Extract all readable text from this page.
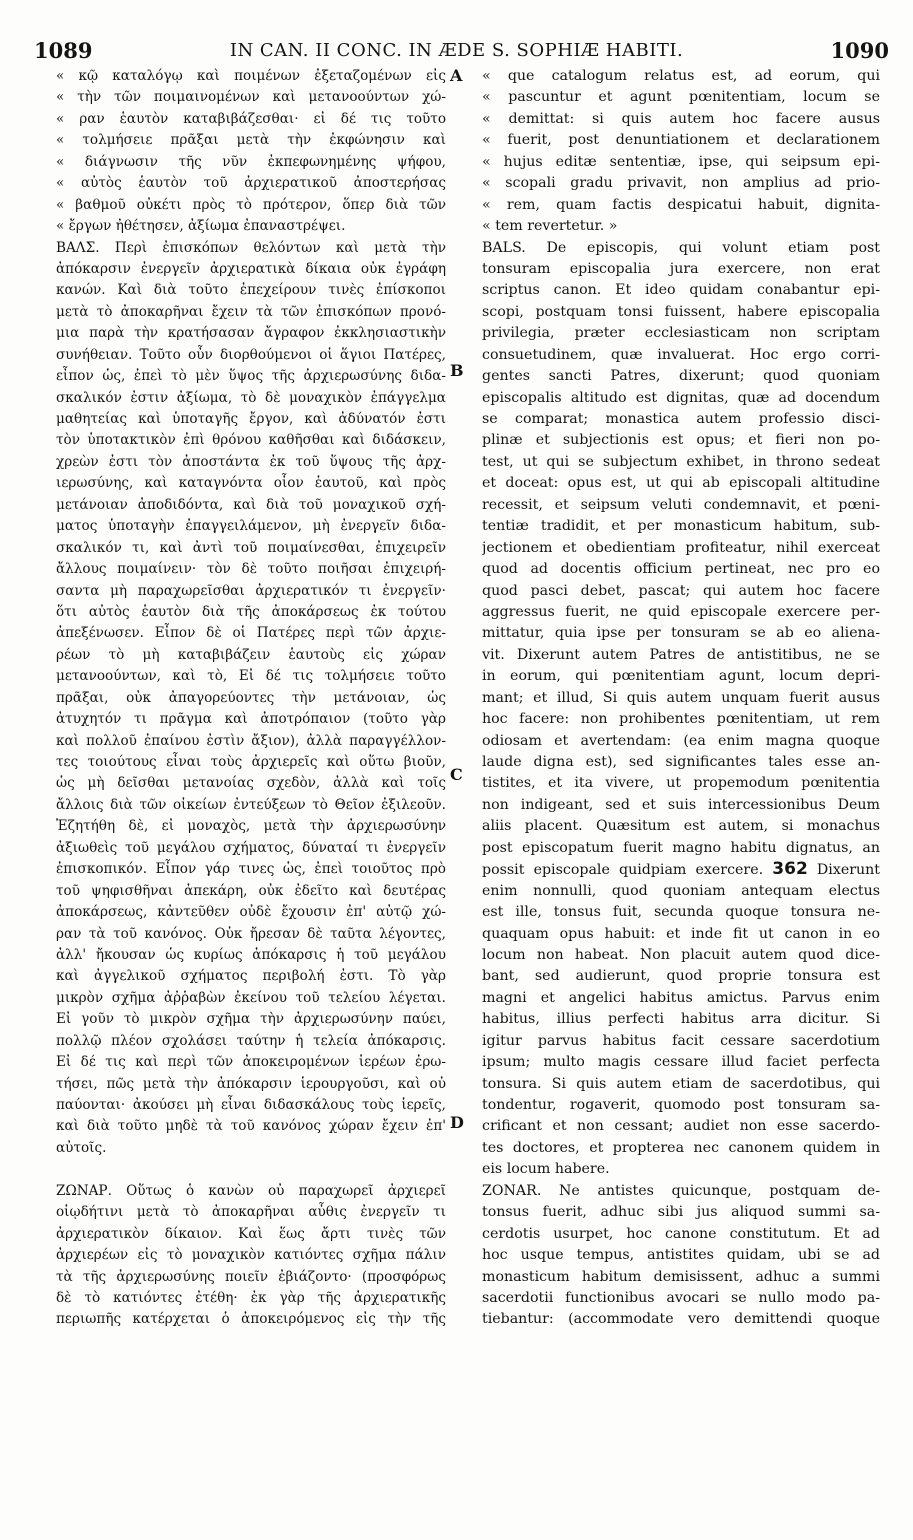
1089	IN CAN. II CONC. IN ÆDE S. SOPHIÆ HABITI.	1090
« κῷ καταλόγῳ καὶ ποιμένων ἐξεταζομένων εἰς
« τὴν τῶν ποιμαινομένων καὶ μετανοούντων χώ-
« ραν ἑαυτὸν καταβιβάζεσθαι· εἰ δέ τις τοῦτο
« τολμήσειε πρᾶξαι μετὰ τὴν ἐκφώνησιν καὶ
« διάγνωσιν τῆς νῦν ἐκπεφωνημένης ψήφου,
« αὐτὸς ἑαυτὸν τοῦ ἀρχιερατικοῦ ἀποστερήσας
« βαθμοῦ οὐκέτι πρὸς τὸ πρότερον, ὅπερ διὰ τῶν
« ἔργων ἠθέτησεν, ἀξίωμα ἐπαναστρέψει.
ΒΑΛΣ. Περὶ ἐπισκόπων θελόντων καὶ μετὰ τὴν
ἀπόκαρσιν ἐνεργεῖν ἀρχιερατικὰ δίκαια οὐκ ἐγράφη
κανών. Καὶ διὰ τοῦτο ἐπεχείρουν τινὲς ἐπίσκοποι
μετὰ τὸ ἀποκαρῆναι ἔχειν τὰ τῶν ἐπισκόπων προνό-
μια παρὰ τὴν κρατήσασαν ἄγραφον ἐκκλησιαστικὴν
συνήθειαν. Τοῦτο οὖν διορθούμενοι οἱ ἅγιοι Πατέρες,
εἶπον ὡς, ἐπεὶ τὸ μὲν ὕψος τῆς ἀρχιερωσύνης διδα-
σκαλικόν ἐστιν ἀξίωμα, τὸ δὲ μοναχικὸν ἐπάγγελμα
μαθητείας καὶ ὑποταγῆς ἔργον, καὶ ἀδύνατόν ἐστι
τὸν ὑποτακτικὸν ἐπὶ θρόνου καθῆσθαι καὶ διδάσκειν,
χρεὼν ἐστι τὸν ἀποστάντα ἐκ τοῦ ὕψους τῆς ἀρχ-
ιερωσύνης, καὶ καταγνόντα οἷον ἑαυτοῦ, καὶ πρὸς
μετάνοιαν ἀποδιδόντα, καὶ διὰ τοῦ μοναχικοῦ σχή-
ματος ὑποταγὴν ἐπαγγειλάμενον, μὴ ἐνεργεῖν διδα-
σκαλικόν τι, καὶ ἀντὶ τοῦ ποιμαίνεσθαι, ἐπιχειρεῖν
ἄλλους ποιμαίνειν· τὸν δὲ τοῦτο ποιῆσαι ἐπιχειρή-
σαντα μὴ παραχωρεῖσθαι ἀρχιερατικόν τι ἐνεργεῖν·
ὅτι αὐτὸς ἑαυτὸν διὰ τῆς ἀποκάρσεως ἐκ τούτου
ἀπεξένωσεν. Εἶπον δὲ οἱ Πατέρες περὶ τῶν ἀρχιε-
ρέων τὸ μὴ καταβιβάζειν ἑαυτοὺς εἰς χώραν
μετανοούντων, καὶ τὸ, Εἰ δέ τις τολμήσειε τοῦτο
πρᾶξαι, οὐκ ἀπαγορεύοντες τὴν μετάνοιαν, ὡς
ἀτυχητόν τι πρᾶγμα καὶ ἀποτρόπαιον (τοῦτο γὰρ
καὶ πολλοῦ ἐπαίνου ἐστὶν ἄξιον), ἀλλὰ παραγγέλλον-
τες τοιούτους εἶναι τοὺς ἀρχιερεῖς καὶ οὕτω βιοῦν,
ὡς μὴ δεῖσθαι μετανοίας σχεδὸν, ἀλλὰ καὶ τοῖς
ἄλλοις διὰ τῶν οἰκείων ἐντεύξεων τὸ Θεῖον ἐξιλεοῦν.
Ἐζητήθη δὲ, εἰ μοναχὸς, μετὰ τὴν ἀρχιερωσύνην
ἀξιωθεὶς τοῦ μεγάλου σχήματος, δύναταί τι ἐνεργεῖν
ἐπισκοπικόν. Εἶπον γάρ τινες ὡς, ἐπεὶ τοιοῦτος πρὸ
τοῦ ψηφισθῆναι ἀπεκάρη, οὐκ ἐδεῖτο καὶ δευτέρας
ἀποκάρσεως, κἀντεῦθεν οὐδὲ ἔχουσιν ἐπ' αὐτῷ χώ-
ραν τὰ τοῦ κανόνος. Οὐκ ἤρεσαν δὲ ταῦτα λέγοντες,
ἀλλ' ἤκουσαν ὡς κυρίως ἀπόκαρσις ἡ τοῦ μεγάλου
καὶ ἀγγελικοῦ σχήματος περιβολή ἐστι. Τὸ γὰρ
μικρὸν σχῆμα ἀῤῥαβὼν ἐκείνου τοῦ τελείου λέγεται.
Εἰ γοῦν τὸ μικρὸν σχῆμα τὴν ἀρχιερωσύνην παύει,
πολλῷ πλέον σχολάσει ταύτην ἡ τελεία ἀπόκαρσις.
Εἰ δέ τις καὶ περὶ τῶν ἀποκειρομένων ἱερέων ἐρω-
τήσει, πῶς μετὰ τὴν ἀπόκαρσιν ἱερουργοῦσι, καὶ οὐ
παύονται· ἀκούσει μὴ εἶναι διδασκάλους τοὺς ἱερεῖς,
καὶ διὰ τοῦτο μηδὲ τὰ τοῦ κανόνος χώραν ἔχειν ἐπ'
αὐτοῖς.
ΖΩΝΑΡ. Οὕτως ὁ κανὼν οὐ παραχωρεῖ ἀρχιερεῖ
οἱῳδήτινι μετὰ τὸ ἀποκαρῆναι αὖθις ἐνεργεῖν τι
ἀρχιερατικὸν δίκαιον. Καὶ ἕως ἄρτι τινὲς τῶν
ἀρχιερέων εἰς τὸ μοναχικὸν κατιόντες σχῆμα πάλιν
τὰ τῆς ἀρχιερωσύνης ποιεῖν ἐβιάζοντο· (προσφόρως
δὲ τὸ κατιόντες ἐτέθη· ἐκ γὰρ τῆς ἀρχιερατικῆς
περιωπῆς κατέρχεται ὁ ἀποκειρόμενος εἰς τὴν τῆς
« que catalogum relatus est, ad eorum, qui
« pascuntur et agunt pœnitentiam, locum se
« demittat: si quis autem hoc facere ausus
« fuerit, post denuntiationem et declarationem
« hujus editæ sententiæ, ipse, qui seipsum epi-
« scopali gradu privavit, non amplius ad prio-
« rem, quam factis despicatui habuit, dignita-
« tem revertetur. »
BALS. De episcopis, qui volunt etiam post
tonsuram episcopalia jura exercere, non erat
scriptus canon. Et ideo quidam conabantur epi-
scopi, postquam tonsi fuissent, habere episcopalia
privilegia, præter ecclesiasticam non scriptam
consuetudinem, quæ invaluerat. Hoc ergo corri-
gentes sancti Patres, dixerunt; quod quoniam
episcopalis altitudo est dignitas, quæ ad docendum
se comparat; monastica autem professio disci-
plinæ et subjectionis est opus; et fieri non po-
test, ut qui se subjectum exhibet, in throno sedeat
et doceat: opus est, ut qui ab episcopali altitudine
recessit, et seipsum veluti condemnavit, et pœni-
tentiæ tradidit, et per monasticum habitum, sub-
jectionem et obedientiam profiteatur, nihil exerceat
quod ad docentis officium pertineat, nec pro eo
quod pasci debet, pascat; qui autem hoc facere
aggressus fuerit, ne quid episcopale exercere per-
mittatur, quia ipse per tonsuram se ab eo alienа-
vit. Dixerunt autem Patres de antistitibus, ne se
in eorum, qui pœnitentiam agunt, locum depri-
mant; et illud, Si quis autem unquam fuerit ausus
hoc facere: non prohibentes pœnitentiam, ut rem
odiosam et avertendam: (ea enim magna quoque
laude digna est), sed significantes tales esse an-
tistites, et ita vivere, ut propemodum pœnitentia
non indigeant, sed et suis intercessionibus Deum
aliis placent. Quæsitum est autem, si monachus
post episcopatum fuerit magno habitu dignatus, an
possit episcopale quidpiam exercere. 362 Dixerunt
enim nonnulli, quod quoniam antequam electus
est ille, tonsus fuit, secunda quoque tonsura ne-
quaquam opus habuit: et inde fit ut canon in eo
locum non habeat. Non placuit autem quod dice-
bant, sed audierunt, quod proprie tonsura est
magni et angelici habitus amictus. Parvus enim
habitus, illius perfecti habitus arra dicitur. Si
igitur parvus habitus facit cessare sacerdotium
ipsum; multo magis cessare illud faciet perfecta
tonsura. Si quis autem etiam de sacerdotibus, qui
tondentur, rogaverit, quomodo post tonsuram sa-
crificant et non cessant; audiet non esse sacerdo-
tes doctores, et propterea nec canonem quidem in
eis locum habere.
ZONAR. Ne antistes quicunque, postquam de-
tonsus fuerit, adhuc sibi jus aliquod summi sa-
cerdotis usurpet, hoc canone constitutum. Et ad
hoc usque tempus, antistites quidam, ubi se ad
monasticum habitum demisissent, adhuc a summi
sacerdotii functionibus avocari se nullo modo pa-
tiebantur: (accommodate vero demittendi quoque
A
B
C
D
